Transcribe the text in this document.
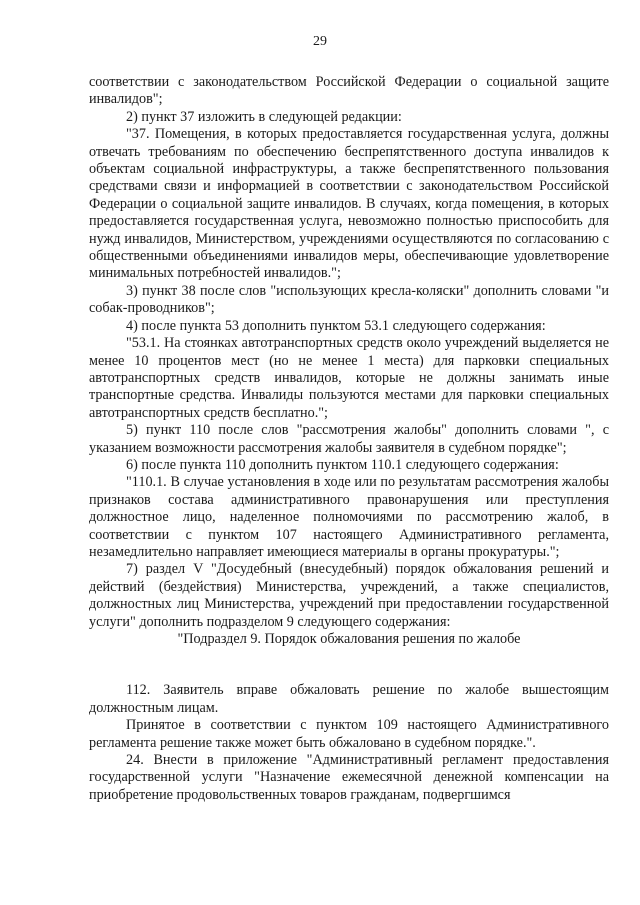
29

соответствии с законодательством Российской Федерации о социальной защите инвалидов";

2) пункт 37 изложить в следующей редакции:

"37. Помещения, в которых предоставляется государственная услуга, должны отвечать требованиям по обеспечению беспрепятственного доступа инвалидов к объектам социальной инфраструктуры, а также беспрепятственного пользования средствами связи и информацией в соответствии с законодательством Российской Федерации о социальной защите инвалидов. В случаях, когда помещения, в которых предоставляется государственная услуга, невозможно полностью приспособить для нужд инвалидов, Министерством, учреждениями осуществляются по согласованию с общественными объединениями инвалидов меры, обеспечивающие удовлетворение минимальных потребностей инвалидов.";

3) пункт 38 после слов "использующих кресла-коляски" дополнить словами "и собак-проводников";

4) после пункта 53 дополнить пунктом 53.1 следующего содержания:

"53.1. На стоянках автотранспортных средств около учреждений выделяется не менее 10 процентов мест (но не менее 1 места) для парковки специальных автотранспортных средств инвалидов, которые не должны занимать иные транспортные средства. Инвалиды пользуются местами для парковки специальных автотранспортных средств бесплатно.";

5) пункт 110 после слов "рассмотрения жалобы" дополнить словами ", с указанием возможности рассмотрения жалобы заявителя в судебном порядке";

6) после пункта 110 дополнить пунктом 110.1 следующего содержания:

"110.1. В случае установления в ходе или по результатам рассмотрения жалобы признаков состава административного правонарушения или преступления должностное лицо, наделенное полномочиями по рассмотрению жалоб, в соответствии с пунктом 107 настоящего Административного регламента, незамедлительно направляет имеющиеся материалы в органы прокуратуры.";

7) раздел V "Досудебный (внесудебный) порядок обжалования решений и действий (бездействия) Министерства, учреждений, а также специалистов, должностных лиц Министерства, учреждений при предоставлении государственной услуги" дополнить подразделом 9 следующего содержания:

"Подраздел 9. Порядок обжалования решения по жалобе

112. Заявитель вправе обжаловать решение по жалобе вышестоящим должностным лицам.

Принятое в соответствии с пунктом 109 настоящего Административного регламента решение также может быть обжаловано в судебном порядке.".

24. Внести в приложение "Административный регламент предоставления государственной услуги "Назначение ежемесячной денежной компенсации на приобретение продовольственных товаров гражданам, подвергшимся
